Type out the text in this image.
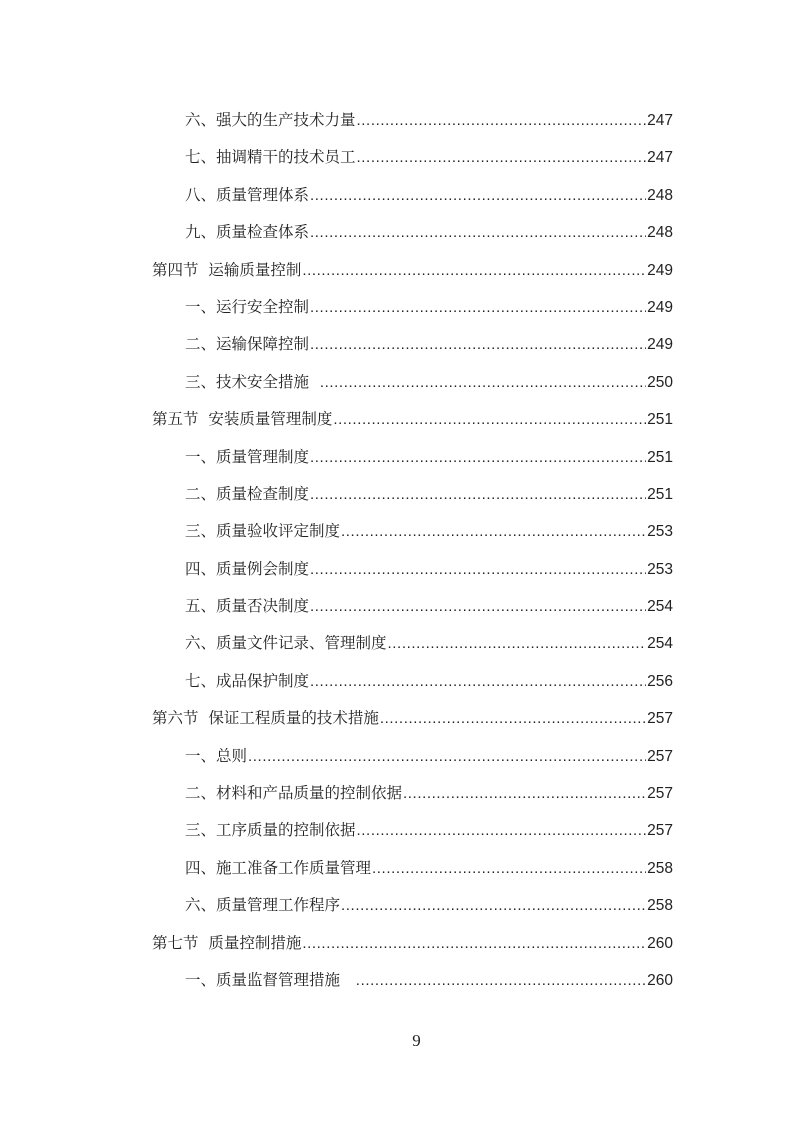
六、强大的生产技术力量 .....	247
七、抽调精干的技术员工 .....	247
八、质量管理体系 .....	248
九、质量检查体系 .....	248
第四节  运输质量控制 .....	249
一、运行安全控制 .....	249
二、运输保障控制 .....	249
三、技术安全措施 .....	250
第五节  安装质量管理制度 .....	251
一、质量管理制度 .....	251
二、质量检查制度 .....	251
三、质量验收评定制度 .....	253
四、质量例会制度 .....	253
五、质量否决制度 .....	254
六、质量文件记录、管理制度 .....	254
七、成品保护制度 .....	256
第六节  保证工程质量的技术措施 .....	257
一、总则 .....	257
二、材料和产品质量的控制依据 .....	257
三、工序质量的控制依据 .....	257
四、施工准备工作质量管理 .....	258
六、质量管理工作程序 .....	258
第七节  质量控制措施 .....	260
一、质量监督管理措施 .....	260
9
